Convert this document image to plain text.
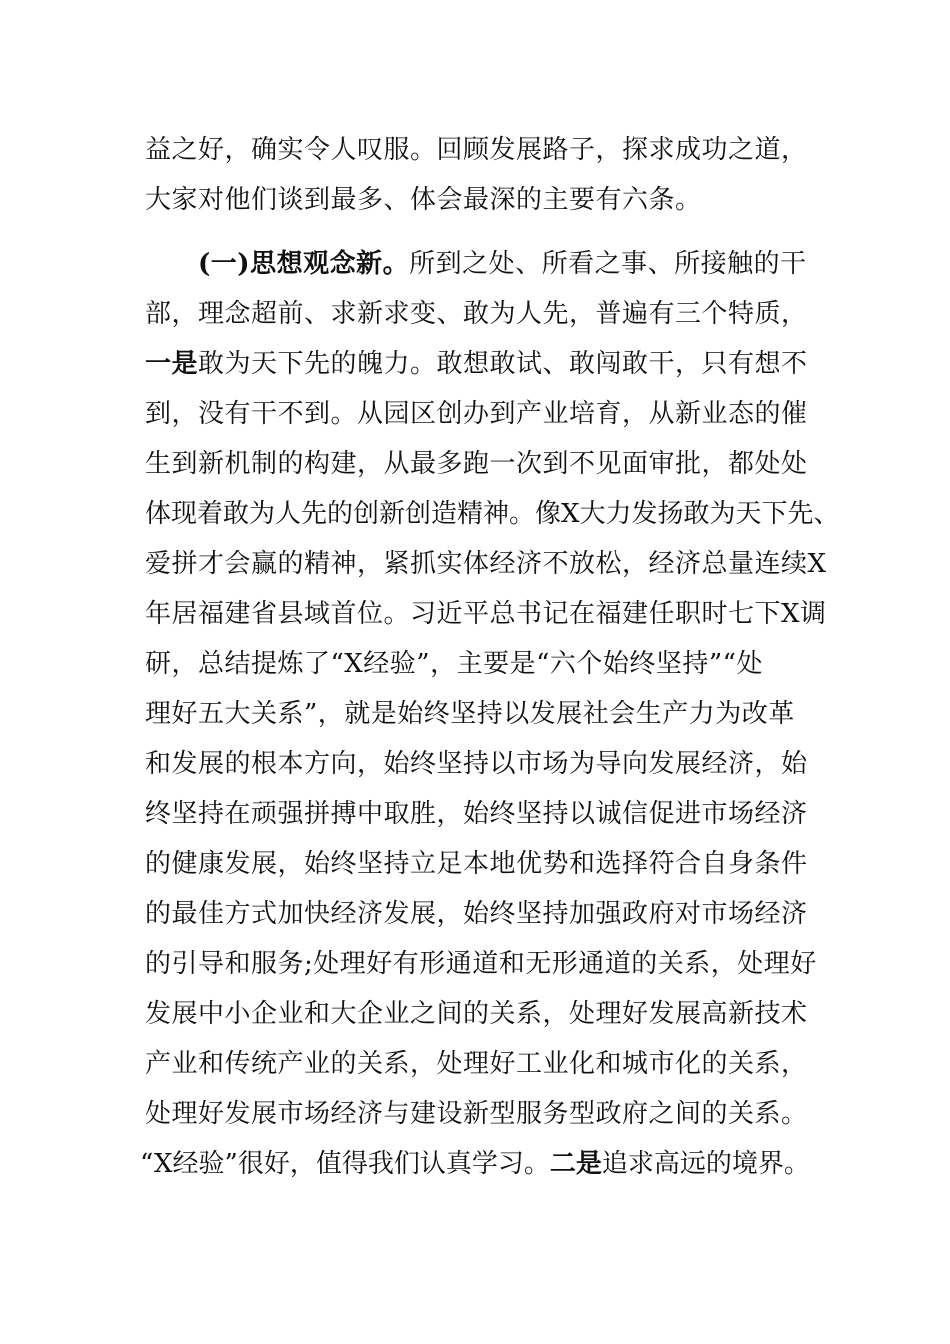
益之好，确实令人叹服。回顾发展路子，探求成功之道，
大家对他们谈到最多、体会最深的主要有六条。
(一)思想观念新。所到之处、所看之事、所接触的干
部，理念超前、求新求变、敢为人先，普遍有三个特质，
一是敢为天下先的魄力。敢想敢试、敢闯敢干，只有想不
到，没有干不到。从园区创办到产业培育，从新业态的催
生到新机制的构建，从最多跑一次到不见面审批，都处处
体现着敢为人先的创新创造精神。像X大力发扬敢为天下先、
爱拼才会赢的精神，紧抓实体经济不放松，经济总量连续X
年居福建省县域首位。习近平总书记在福建任职时七下X调
研，总结提炼了“X经验”，主要是“六个始终坚持”“处
理好五大关系”，就是始终坚持以发展社会生产力为改革
和发展的根本方向，始终坚持以市场为导向发展经济，始
终坚持在顽强拼搏中取胜，始终坚持以诚信促进市场经济
的健康发展，始终坚持立足本地优势和选择符合自身条件
的最佳方式加快经济发展，始终坚持加强政府对市场经济
的引导和服务;处理好有形通道和无形通道的关系，处理好
发展中小企业和大企业之间的关系，处理好发展高新技术
产业和传统产业的关系，处理好工业化和城市化的关系，
处理好发展市场经济与建设新型服务型政府之间的关系。
“X经验”很好，值得我们认真学习。二是追求高远的境界。
